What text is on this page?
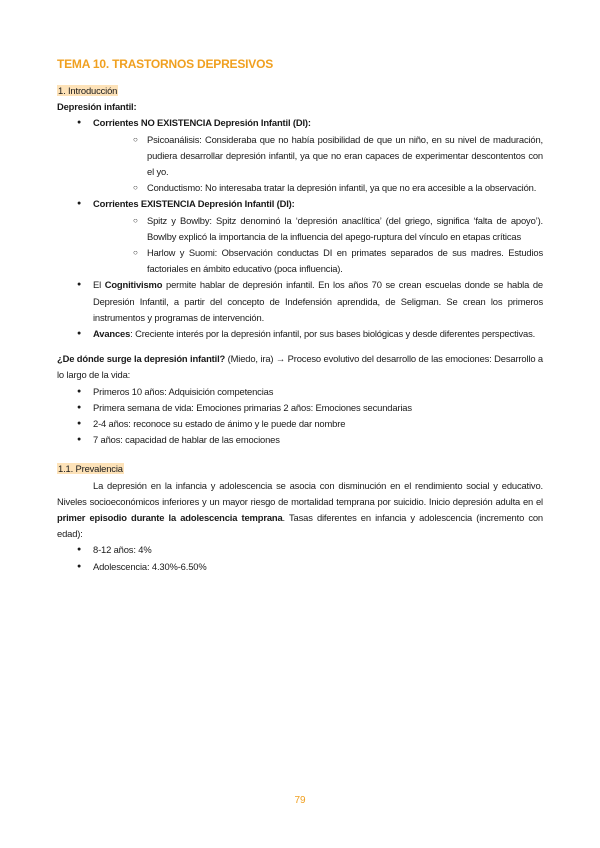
TEMA 10. TRASTORNOS DEPRESIVOS

1. Introducción

Depresión infantil:

● Corrientes NO EXISTENCIA Depresión Infantil (DI):
○ Psicoanálisis: Consideraba que no había posibilidad de que un niño, en su nivel de maduración, pudiera desarrollar depresión infantil, ya que no eran capaces de experimentar descontentos con el yo.
○ Conductismo: No interesaba tratar la depresión infantil, ya que no era accesible a la observación.
● Corrientes EXISTENCIA Depresión Infantil (DI):
○ Spitz y Bowlby: Spitz denominó la ‘depresión anaclítica’ (del griego, significa ‘falta de apoyo’). Bowlby explicó la importancia de la influencia del apego-ruptura del vínculo en etapas críticas
○ Harlow y Suomi: Observación conductas DI en primates separados de sus madres. Estudios factoriales en ámbito educativo (poca influencia).
● El Cognitivismo permite hablar de depresión infantil. En los años 70 se crean escuelas donde se habla de Depresión Infantil, a partir del concepto de Indefensión aprendida, de Seligman. Se crean los primeros instrumentos y programas de intervención.
● Avances: Creciente interés por la depresión infantil, por sus bases biológicas y desde diferentes perspectivas.

¿De dónde surge la depresión infantil? (Miedo, ira) → Proceso evolutivo del desarrollo de las emociones: Desarrollo a lo largo de la vida:

● Primeros 10 años: Adquisición competencias
● Primera semana de vida: Emociones primarias 2 años: Emociones secundarias
● 2-4 años: reconoce su estado de ánimo y le puede dar nombre
● 7 años: capacidad de hablar de las emociones

1.1. Prevalencia

La depresión en la infancia y adolescencia se asocia con disminución en el rendimiento social y educativo. Niveles socioeconómicos inferiores y un mayor riesgo de mortalidad temprana por suicidio. Inicio depresión adulta en el primer episodio durante la adolescencia temprana. Tasas diferentes en infancia y adolescencia (incremento con edad):

● 8-12 años: 4%
● Adolescencia: 4.30%-6.50%
79
